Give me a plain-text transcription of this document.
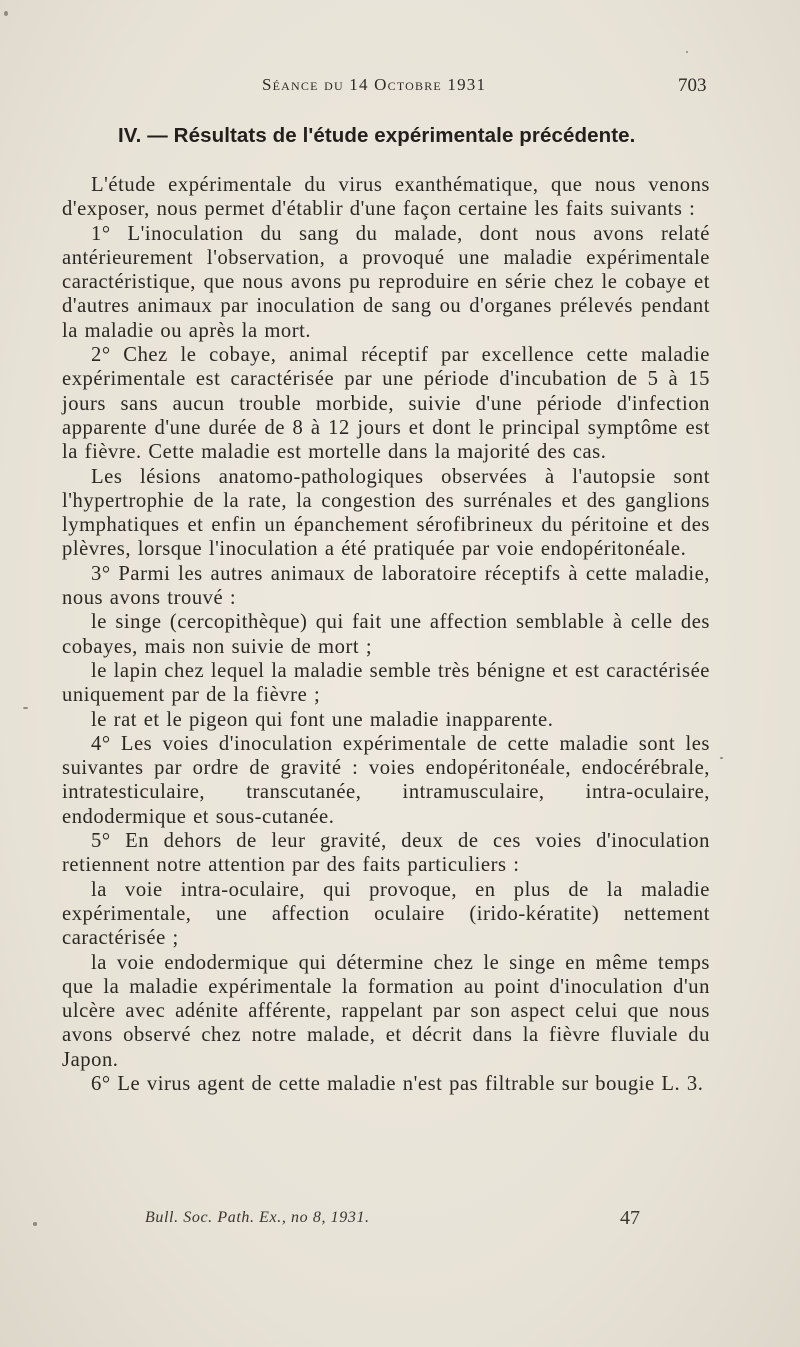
Séance du 14 Octobre 1931	703
IV. — Résultats de l'étude expérimentale précédente.

L'étude expérimentale du virus exanthématique, que nous venons d'exposer, nous permet d'établir d'une façon certaine les faits suivants :

1° L'inoculation du sang du malade, dont nous avons relaté antérieurement l'observation, a provoqué une maladie expérimentale caractéristique, que nous avons pu reproduire en série chez le cobaye et d'autres animaux par inoculation de sang ou d'organes prélevés pendant la maladie ou après la mort.

2° Chez le cobaye, animal réceptif par excellence cette maladie expérimentale est caractérisée par une période d'incubation de 5 à 15 jours sans aucun trouble morbide, suivie d'une période d'infection apparente d'une durée de 8 à 12 jours et dont le principal symptôme est la fièvre. Cette maladie est mortelle dans la majorité des cas.

Les lésions anatomo-pathologiques observées à l'autopsie sont l'hypertrophie de la rate, la congestion des surrénales et des ganglions lymphatiques et enfin un épanchement sérofibrineux du péritoine et des plèvres, lorsque l'inoculation a été pratiquée par voie endopéritonéale.

3° Parmi les autres animaux de laboratoire réceptifs à cette maladie, nous avons trouvé :

le singe (cercopithèque) qui fait une affection semblable à celle des cobayes, mais non suivie de mort ;

le lapin chez lequel la maladie semble très bénigne et est caractérisée uniquement par de la fièvre ;

le rat et le pigeon qui font une maladie inapparente.

4° Les voies d'inoculation expérimentale de cette maladie sont les suivantes par ordre de gravité : voies endopéritonéale, endocérébrale, intratesticulaire, transcutanée, intramusculaire, intra-oculaire, endodermique et sous-cutanée.

5° En dehors de leur gravité, deux de ces voies d'inoculation retiennent notre attention par des faits particuliers :

la voie intra-oculaire, qui provoque, en plus de la maladie expérimentale, une affection oculaire (irido-kératite) nettement caractérisée ;

la voie endodermique qui détermine chez le singe en même temps que la maladie expérimentale la formation au point d'inoculation d'un ulcère avec adénite afférente, rappelant par son aspect celui que nous avons observé chez notre malade, et décrit dans la fièvre fluviale du Japon.

6° Le virus agent de cette maladie n'est pas filtrable sur bougie L. 3.

Bull. Soc. Path. Ex., no 8, 1931.	47
